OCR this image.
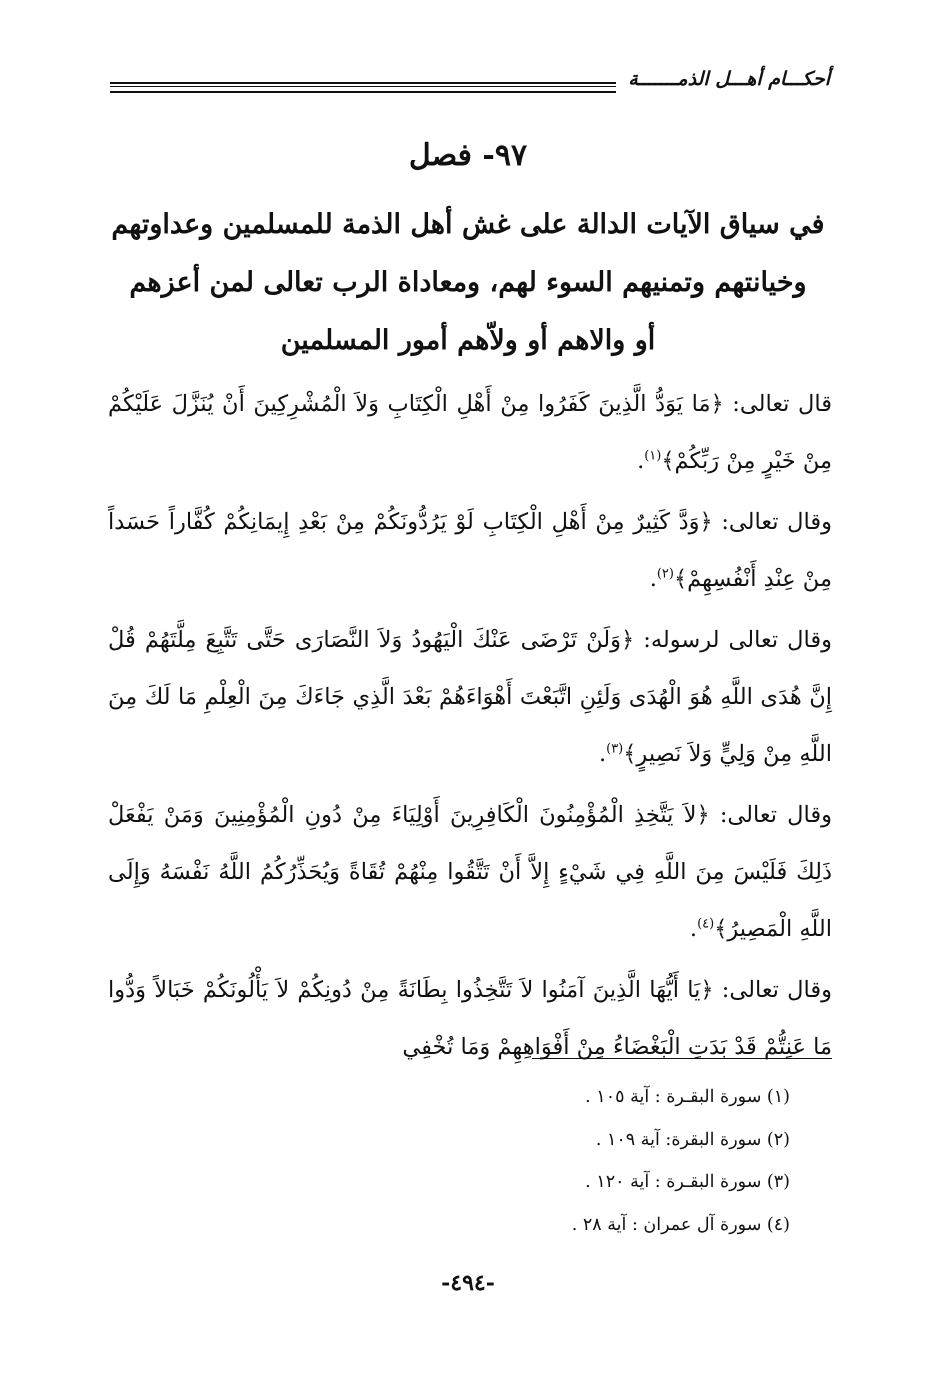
أحكـــام أهـــل الذمـــــــة
٩٧- فصل
في سياق الآيات الدالة على غش أهل الذمة للمسلمين وعداوتهم
وخيانتهم وتمنيهم السوء لهم، ومعاداة الرب تعالى لمن أعزهم
أو والاهم أو ولاّهم أمور المسلمين

قال تعالى: ﴿مَا يَوَدُّ الَّذِينَ كَفَرُوا مِنْ أَهْلِ الْكِتَابِ وَلاَ الْمُشْرِكِينَ أَنْ يُنَزَّلَ عَلَيْكُمْ مِنْ خَيْرٍ مِنْ رَبِّكُمْ﴾$^{(١)}$.

وقال تعالى: ﴿وَدَّ كَثِيرٌ مِنْ أَهْلِ الْكِتَابِ لَوْ يَرُدُّونَكُمْ مِنْ بَعْدِ إِيمَانِكُمْ كُفَّاراً حَسَداً مِنْ عِنْدِ أَنْفُسِهِمْ﴾$^{(٢)}$.

وقال تعالى لرسوله: ﴿وَلَنْ تَرْضَى عَنْكَ الْيَهُودُ وَلاَ النَّصَارَى حَتَّى تَتَّبِعَ مِلَّتَهُمْ قُلْ إِنَّ هُدَى اللَّهِ هُوَ الْهُدَى وَلَئِنِ اتَّبَعْتَ أَهْوَاءَهُمْ بَعْدَ الَّذِي جَاءَكَ مِنَ الْعِلْمِ مَا لَكَ مِنَ اللَّهِ مِنْ وَلِيٍّ وَلاَ نَصِيرٍ﴾$^{(٣)}$.

وقال تعالى: ﴿لاَ يَتَّخِذِ الْمُؤْمِنُونَ الْكَافِرِينَ أَوْلِيَاءَ مِنْ دُونِ الْمُؤْمِنِينَ وَمَنْ يَفْعَلْ ذَلِكَ فَلَيْسَ مِنَ اللَّهِ فِي شَيْءٍ إِلاَّ أَنْ تَتَّقُوا مِنْهُمْ تُقَاةً وَيُحَذِّرُكُمُ اللَّهُ نَفْسَهُ وَإِلَى اللَّهِ الْمَصِيرُ﴾$^{(٤)}$.

وقال تعالى: ﴿يَا أَيُّهَا الَّذِينَ آمَنُوا لاَ تَتَّخِذُوا بِطَانَةً مِنْ دُونِكُمْ لاَ يَأْلُونَكُمْ خَبَالاً وَدُّوا مَا عَنِتُّمْ قَدْ بَدَتِ الْبَغْضَاءُ مِنْ أَفْوَاهِهِمْ وَمَا تُخْفِي

(١) سورة البقـرة : آية ١٠٥ .
(٢) سورة البقرة: آية ١٠٩ .
(٣) سورة البقـرة : آية ١٢٠ .
(٤) سورة آل عمران : آية ٢٨ .
-٤٩٤-
